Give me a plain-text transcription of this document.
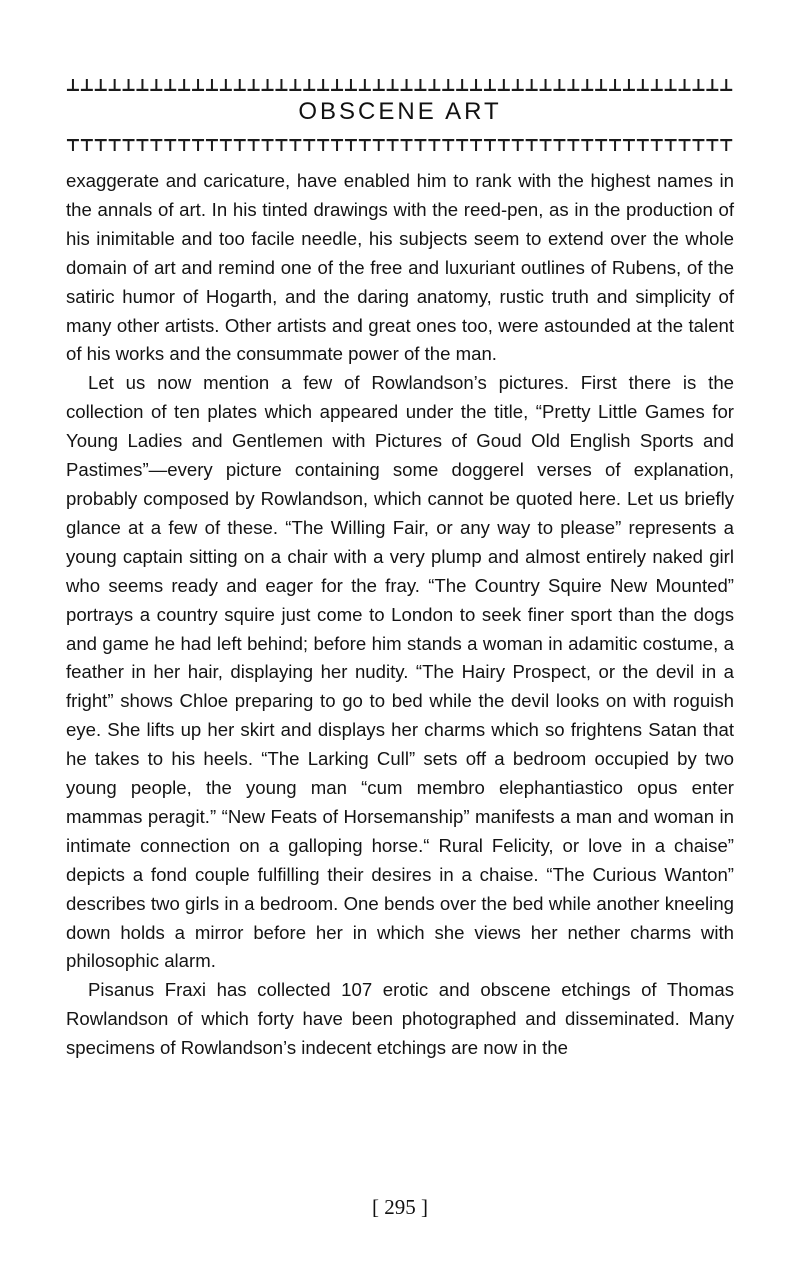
OBSCENE ART

exaggerate and caricature, have enabled him to rank with the highest names in the annals of art. In his tinted drawings with the reed-pen, as in the production of his inimitable and too facile needle, his subjects seem to extend over the whole domain of art and remind one of the free and luxuriant outlines of Rubens, of the satiric humor of Hogarth, and the daring anatomy, rustic truth and simplicity of many other artists. Other artists and great ones too, were astounded at the talent of his works and the consummate power of the man.

Let us now mention a few of Rowlandson’s pictures. First there is the collection of ten plates which appeared under the title, “Pretty Little Games for Young Ladies and Gentlemen with Pictures of Goud Old English Sports and Pastimes”—every picture containing some doggerel verses of explanation, probably composed by Rowlandson, which cannot be quoted here. Let us briefly glance at a few of these. “The Willing Fair, or any way to please” represents a young captain sitting on a chair with a very plump and almost entirely naked girl who seems ready and eager for the fray. “The Country Squire New Mounted” portrays a country squire just come to London to seek finer sport than the dogs and game he had left behind; before him stands a woman in adamitic costume, a feather in her hair, displaying her nudity. “The Hairy Prospect, or the devil in a fright” shows Chloe preparing to go to bed while the devil looks on with roguish eye. She lifts up her skirt and displays her charms which so frightens Satan that he takes to his heels. “The Larking Cull” sets off a bedroom occupied by two young people, the young man “cum membro elephantiastico opus enter mammas peragit.” “New Feats of Horsemanship” manifests a man and woman in intimate connection on a galloping horse.“ Rural Felicity, or love in a chaise” depicts a fond couple fulfilling their desires in a chaise. “The Curious Wanton” describes two girls in a bedroom. One bends over the bed while another kneeling down holds a mirror before her in which she views her nether charms with philosophic alarm.

Pisanus Fraxi has collected 107 erotic and obscene etchings of Thomas Rowlandson of which forty have been photographed and disseminated. Many specimens of Rowlandson’s indecent etchings are now in the

[ 295 ]
